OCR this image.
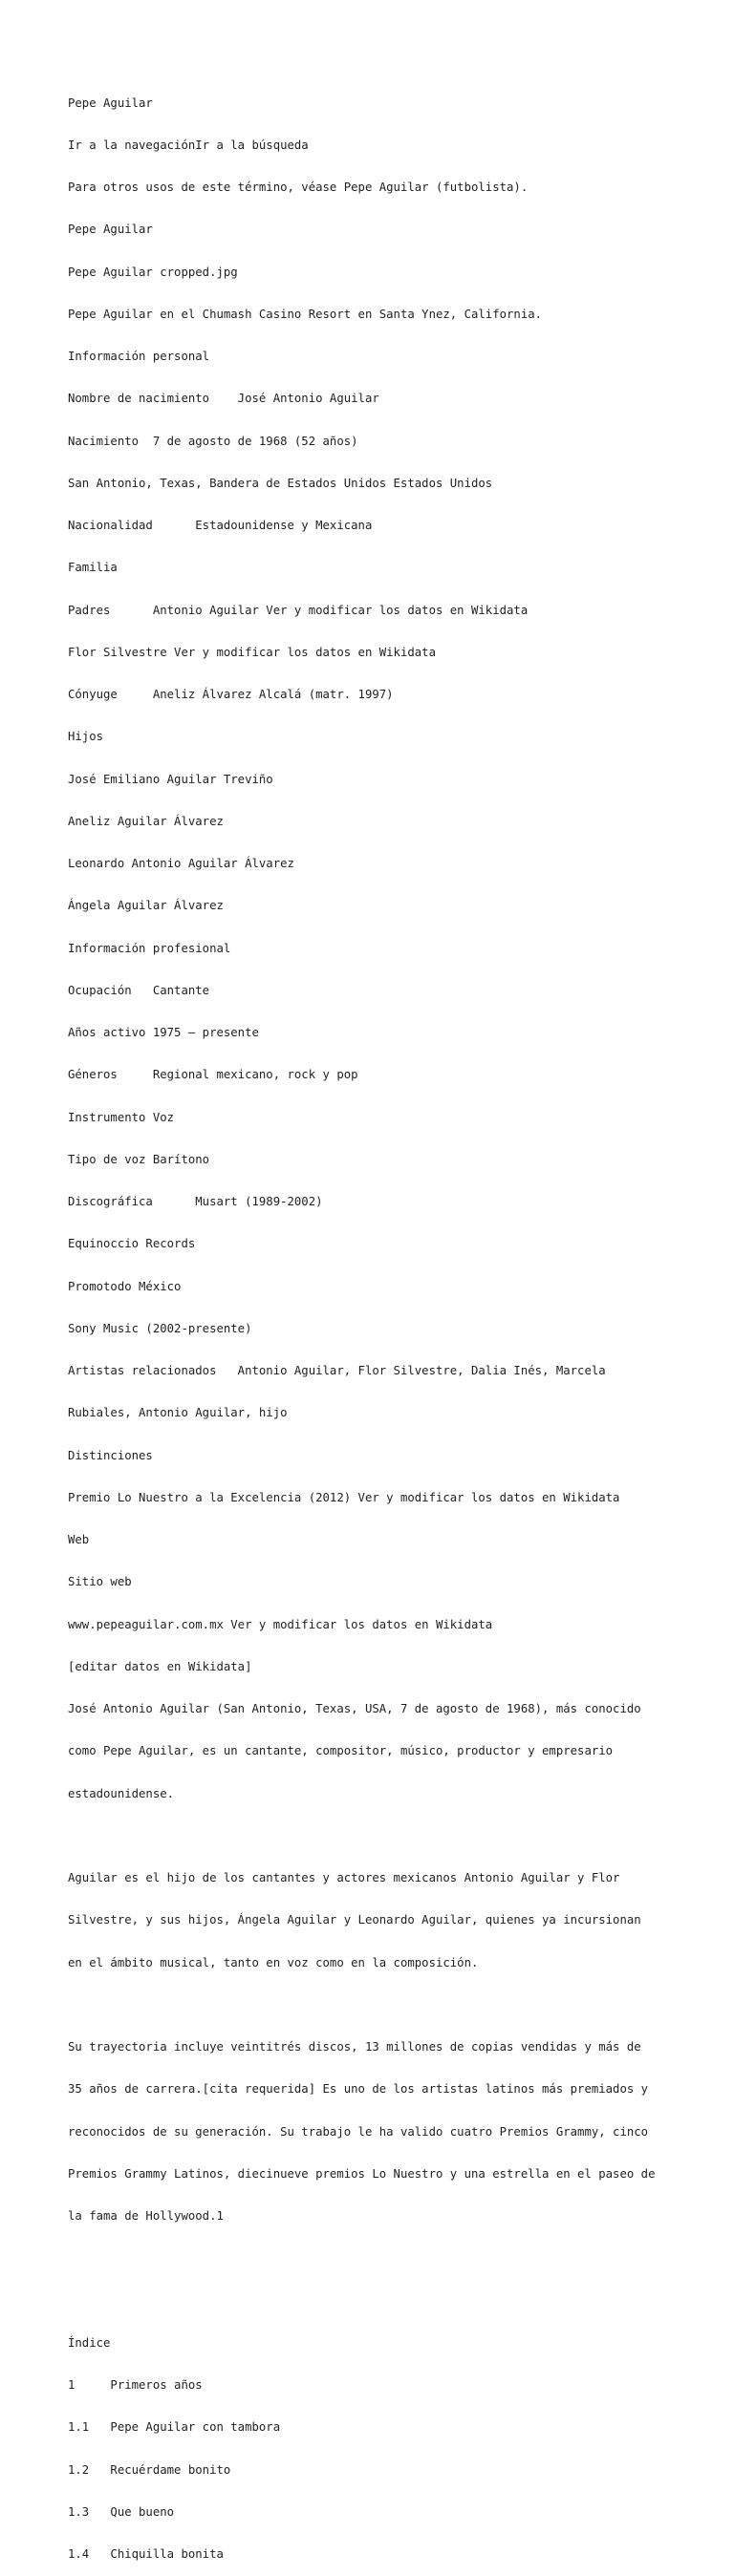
Pepe Aguilar

Ir a la navegaciónIr a la búsqueda

Para otros usos de este término, véase Pepe Aguilar (futbolista).

Pepe Aguilar

Pepe Aguilar cropped.jpg

Pepe Aguilar en el Chumash Casino Resort en Santa Ynez, California.

Información personal

Nombre de nacimiento    José Antonio Aguilar

Nacimiento  7 de agosto de 1968 (52 años)

San Antonio, Texas, Bandera de Estados Unidos Estados Unidos

Nacionalidad      Estadounidense y Mexicana

Familia

Padres      Antonio Aguilar Ver y modificar los datos en Wikidata

Flor Silvestre Ver y modificar los datos en Wikidata

Cónyuge     Aneliz Álvarez Alcalá (matr. 1997)

Hijos

José Emiliano Aguilar Treviño

Aneliz Aguilar Álvarez

Leonardo Antonio Aguilar Álvarez

Ángela Aguilar Álvarez

Información profesional

Ocupación   Cantante

Años activo 1975 — presente

Géneros     Regional mexicano, rock y pop

Instrumento Voz

Tipo de voz Barítono

Discográfica      Musart (1989-2002)

Equinoccio Records

Promotodo México

Sony Music (2002-presente)

Artistas relacionados   Antonio Aguilar, Flor Silvestre, Dalia Inés, Marcela

Rubiales, Antonio Aguilar, hijo

Distinciones

Premio Lo Nuestro a la Excelencia (2012) Ver y modificar los datos en Wikidata

Web

Sitio web

www.pepeaguilar.com.mx Ver y modificar los datos en Wikidata

[editar datos en Wikidata]

José Antonio Aguilar (San Antonio, Texas, USA, 7 de agosto de 1968), más conocido

como Pepe Aguilar, es un cantante, compositor, músico, productor y empresario

estadounidense.

Aguilar es el hijo de los cantantes y actores mexicanos Antonio Aguilar y Flor

Silvestre, y sus hijos, Ángela Aguilar y Leonardo Aguilar, quienes ya incursionan

en el ámbito musical, tanto en voz como en la composición.

Su trayectoria incluye veintitrés discos, 13 millones de copias vendidas y más de

35 años de carrera.[cita requerida] Es uno de los artistas latinos más premiados y

reconocidos de su generación. Su trabajo le ha valido cuatro Premios Grammy, cinco

Premios Grammy Latinos, diecinueve premios Lo Nuestro y una estrella en el paseo de

la fama de Hollywood.1

Índice

1     Primeros años

1.1   Pepe Aguilar con tambora

1.2   Recuérdame bonito

1.3   Que bueno

1.4   Chiquilla bonita
